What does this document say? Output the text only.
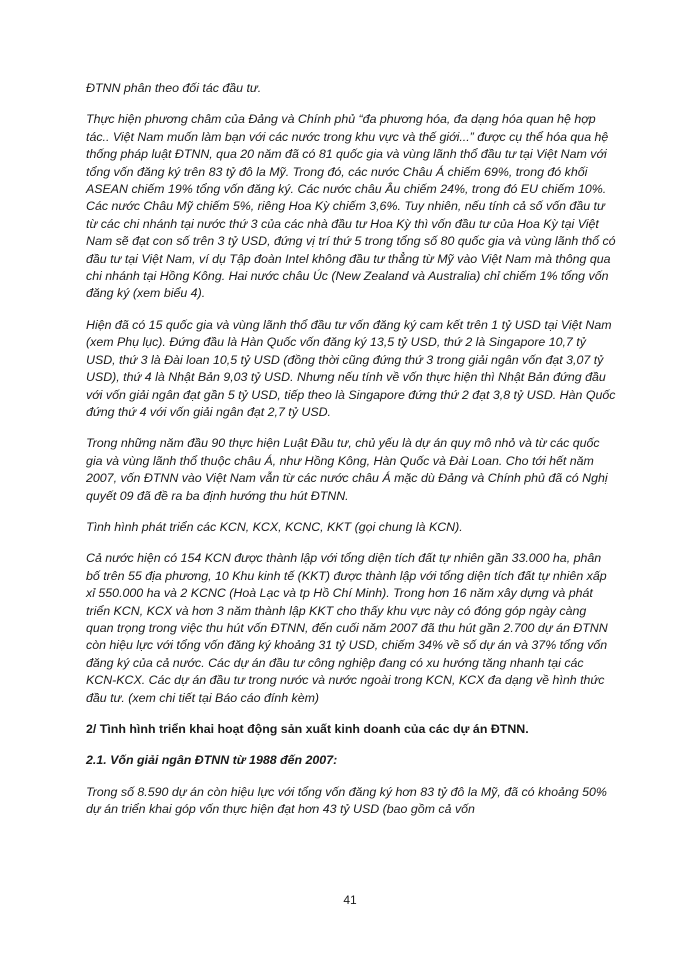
ĐTNN phân theo đối tác đầu tư.

Thực hiện phương châm của Đảng và Chính phủ “đa phương hóa, đa dạng hóa quan hệ hợp tác.. Việt Nam muốn làm bạn với các nước trong khu vực và thế giới...” được cụ thể hóa qua hệ thống pháp luật ĐTNN, qua 20 năm đã có 81 quốc gia và vùng lãnh thổ đầu tư tại Việt Nam với tổng vốn đăng ký trên 83 tỷ đô la Mỹ. Trong đó, các nước Châu Á chiếm 69%, trong đó khối ASEAN chiếm 19% tổng vốn đăng ký. Các nước châu Âu chiếm 24%, trong đó EU chiếm 10%. Các nước Châu Mỹ chiếm 5%, riêng Hoa Kỳ chiếm 3,6%. Tuy nhiên, nếu tính cả số vốn đầu tư từ các chi nhánh tại nước thứ 3 của các nhà đầu tư Hoa Kỳ thì vốn đầu tư của Hoa Kỳ tại Việt Nam sẽ đạt con số trên 3 tỷ USD, đứng vị trí thứ 5 trong tổng số 80 quốc gia và vùng lãnh thổ có đầu tư tại Việt Nam, ví dụ Tập đoàn Intel không đầu tư thẳng từ Mỹ vào Việt Nam mà thông qua chi nhánh tại Hồng Kông. Hai nước châu Úc (New Zealand và Australia) chỉ chiếm 1% tổng vốn đăng ký (xem biểu 4).

Hiện đã có 15 quốc gia và vùng lãnh thổ đầu tư vốn đăng ký cam kết trên 1 tỷ USD tại Việt Nam (xem Phụ lục). Đứng đầu là Hàn Quốc vốn đăng ký 13,5 tỷ USD, thứ 2 là Singapore 10,7 tỷ USD, thứ 3 là Đài loan 10,5 tỷ USD (đồng thời cũng đứng thứ 3 trong giải ngân vốn đạt 3,07 tỷ USD), thứ 4 là Nhật Bản 9,03 tỷ USD. Nhưng nếu tính về vốn thực hiện thì Nhật Bản đứng đầu với vốn giải ngân đạt gần 5 tỷ USD, tiếp theo là Singapore đứng thứ 2 đạt 3,8 tỷ USD. Hàn Quốc đứng thứ 4 với vốn giải ngân đạt 2,7 tỷ USD.

Trong những năm đầu 90 thực hiện Luật Đầu tư, chủ yếu là dự án quy mô nhỏ và từ các quốc gia và vùng lãnh thổ thuộc châu Á, như Hồng Kông, Hàn Quốc và Đài Loan. Cho tới hết năm 2007, vốn ĐTNN vào Việt Nam vẫn từ các nước châu Á mặc dù Đảng và Chính phủ đã có Nghị quyết 09 đã đề ra ba định hướng thu hút ĐTNN.

Tình hình phát triển các KCN, KCX, KCNC, KKT (gọi chung là KCN).

Cả nước hiện có 154 KCN được thành lập với tổng diện tích đất tự nhiên gần 33.000 ha, phân bố trên 55 địa phương, 10 Khu kinh tế (KKT) được thành lập với tổng diện tích đất tự nhiên xấp xỉ 550.000 ha và 2 KCNC (Hoà Lạc và tp Hồ Chí Minh). Trong hơn 16 năm xây dựng và phát triển KCN, KCX và hơn 3 năm thành lập KKT cho thấy khu vực này có đóng góp ngày càng quan trọng trong việc thu hút vốn ĐTNN, đến cuối năm 2007 đã thu hút gần 2.700 dự án ĐTNN còn hiệu lực với tổng vốn đăng ký khoảng 31 tỷ USD, chiếm 34% về số dự án và 37% tổng vốn đăng ký của cả nước. Các dự án đầu tư công nghiệp đang có xu hướng tăng nhanh tại các KCN-KCX. Các dự án đầu tư trong nước và nước ngoài trong KCN, KCX đa dạng về hình thức đầu tư. (xem chi tiết tại Báo cáo đính kèm)

2/ Tình hình triển khai hoạt động sản xuất kinh doanh của các dự án ĐTNN.

2.1. Vốn giải ngân ĐTNN từ 1988 đến 2007:

Trong số 8.590 dự án còn hiệu lực với tổng vốn đăng ký hơn 83 tỷ đô la Mỹ, đã có khoảng 50% dự án triển khai góp vốn thực hiện đạt hơn 43 tỷ USD (bao gồm cả vốn

41
